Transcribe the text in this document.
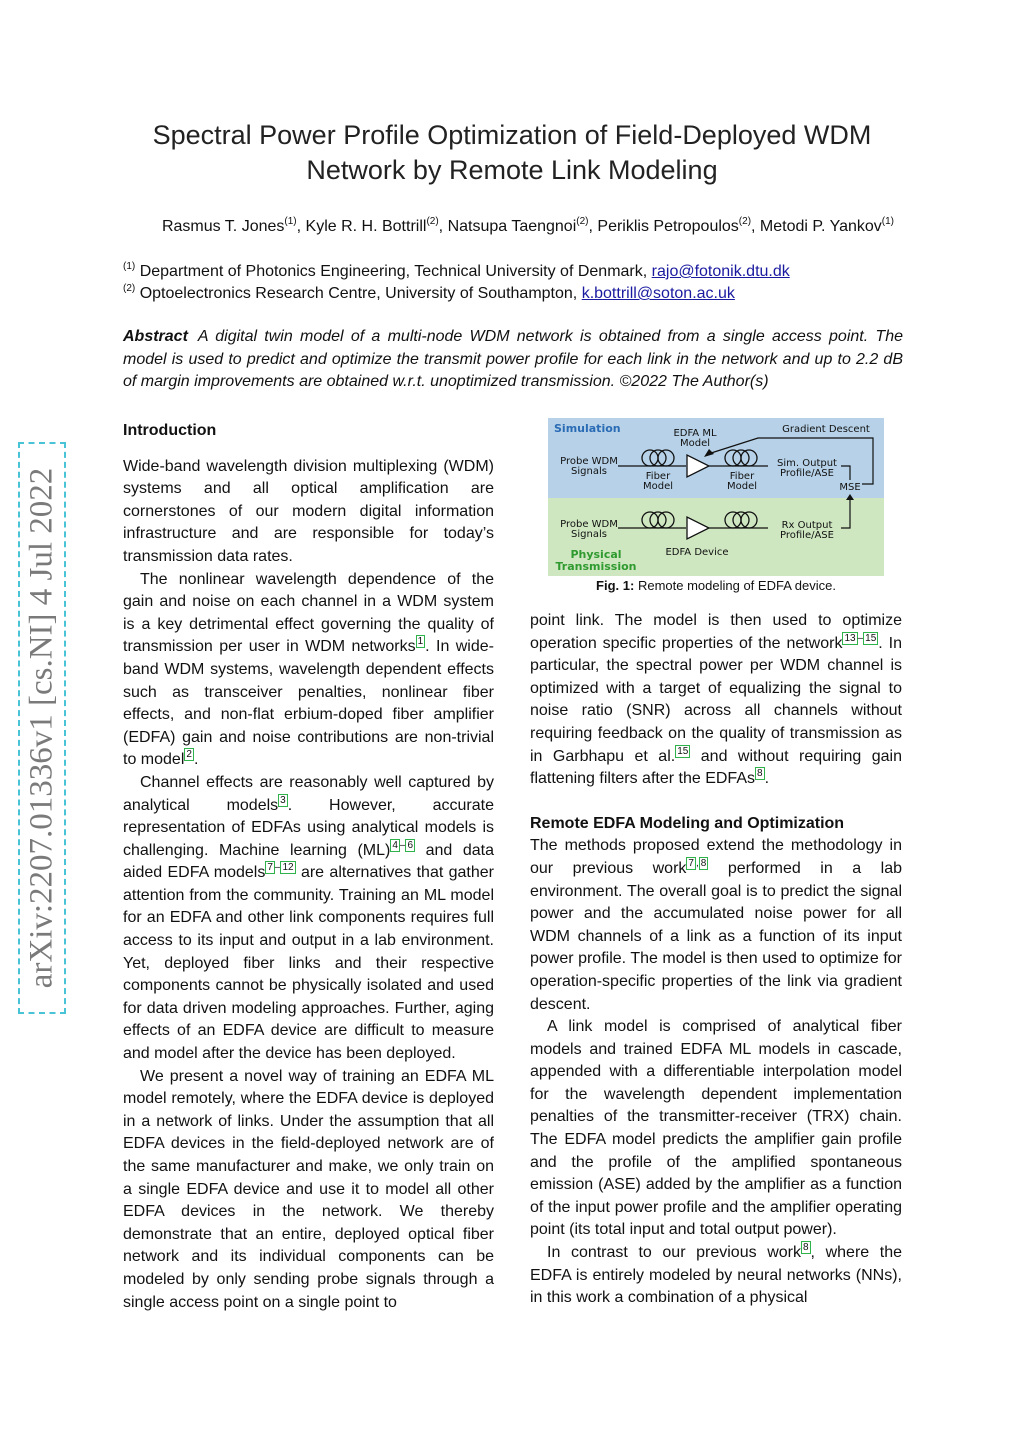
Spectral Power Profile Optimization of Field-Deployed WDM
Network by Remote Link Modeling
Rasmus T. Jones$^{(1)}$, Kyle R. H. Bottrill$^{(2)}$, Natsupa Taengnoi$^{(2)}$, Periklis Petropoulos$^{(2)}$, Metodi P. Yankov$^{(1)}$
$^{(1)}$ Department of Photonics Engineering, Technical University of Denmark, rajo@fotonik.dtu.dk
$^{(2)}$ Optoelectronics Research Centre, University of Southampton, k.bottrill@soton.ac.uk
Abstract A digital twin model of a multi-node WDM network is obtained from a single access point. The model is used to predict and optimize the transmit power profile for each link in the network and up to 2.2 dB of margin improvements are obtained w.r.t. unoptimized transmission. ©2022 The Author(s)
arXiv:2207.01336v1 [cs.NI] 4 Jul 2022
Introduction

Wide-band wavelength division multiplexing (WDM) systems and all optical amplification are cornerstones of our modern digital information infrastructure and are responsible for today’s transmission data rates.

The nonlinear wavelength dependence of the gain and noise on each channel in a WDM system is a key detrimental effect governing the quality of transmission per user in WDM networks $^1$ . In wide-band WDM systems, wavelength dependent effects such as transceiver penalties, nonlinear fiber effects, and non-flat erbium-doped fiber amplifier (EDFA) gain and noise contributions are non-trivial to model $^2$ .

Channel effects are reasonably well captured by analytical models $^3$ . However, accurate representation of EDFAs using analytical models is challenging. Machine learning (ML) $^4$ – $^6$ and data aided EDFA models $^7$ – $^{12}$ are alternatives that gather attention from the community. Training an ML model for an EDFA and other link components requires full access to its input and output in a lab environment. Yet, deployed fiber links and their respective components cannot be physically isolated and used for data driven modeling approaches. Further, aging effects of an EDFA device are difficult to measure and model after the device has been deployed.

We present a novel way of training an EDFA ML model remotely, where the EDFA device is deployed in a network of links. Under the assumption that all EDFA devices in the field-deployed network are of the same manufacturer and make, we only train on a single EDFA device and use it to model all other EDFA devices in the network. We thereby demonstrate that an entire, deployed optical fiber network and its individual components can be modeled by only sending probe signals through a single access point on a single point to

Simulation	EDFA ML
Model
Gradient Descent
Probe WDM
Signals	Fiber
Model
Fiber
Model
Sim. Output
Profile/ASE
MSE
Probe WDM
Signals
Rx Output
Profile/ASE
Physical
Transmission
EDFA Device
Fig. 1: Remote modeling of EDFA device.

point link. The model is then used to optimize operation specific properties of the network $^{13}$ – $^{15}$ . In particular, the spectral power per WDM channel is optimized with a target of equalizing the signal to noise ratio (SNR) across all channels without requiring feedback on the quality of transmission as in Garbhapu et al. $^{15}$ and without requiring gain flattening filters after the EDFAs $^8$ .

Remote EDFA Modeling and Optimization

The methods proposed extend the methodology in our previous work $^7$ , $^8$ performed in a lab environment. The overall goal is to predict the signal power and the accumulated noise power for all WDM channels of a link as a function of its input power profile. The model is then used to optimize for operation-specific properties of the link via gradient descent.

A link model is comprised of analytical fiber models and trained EDFA ML models in cascade, appended with a differentiable interpolation model for the wavelength dependent implementation penalties of the transmitter-receiver (TRX) chain. The EDFA model predicts the amplifier gain profile and the profile of the amplified spontaneous emission (ASE) added by the amplifier as a function of the input power profile and the amplifier operating point (its total input and total output power).

In contrast to our previous work $^8$ , where the EDFA is entirely modeled by neural networks (NNs), in this work a combination of a physical
